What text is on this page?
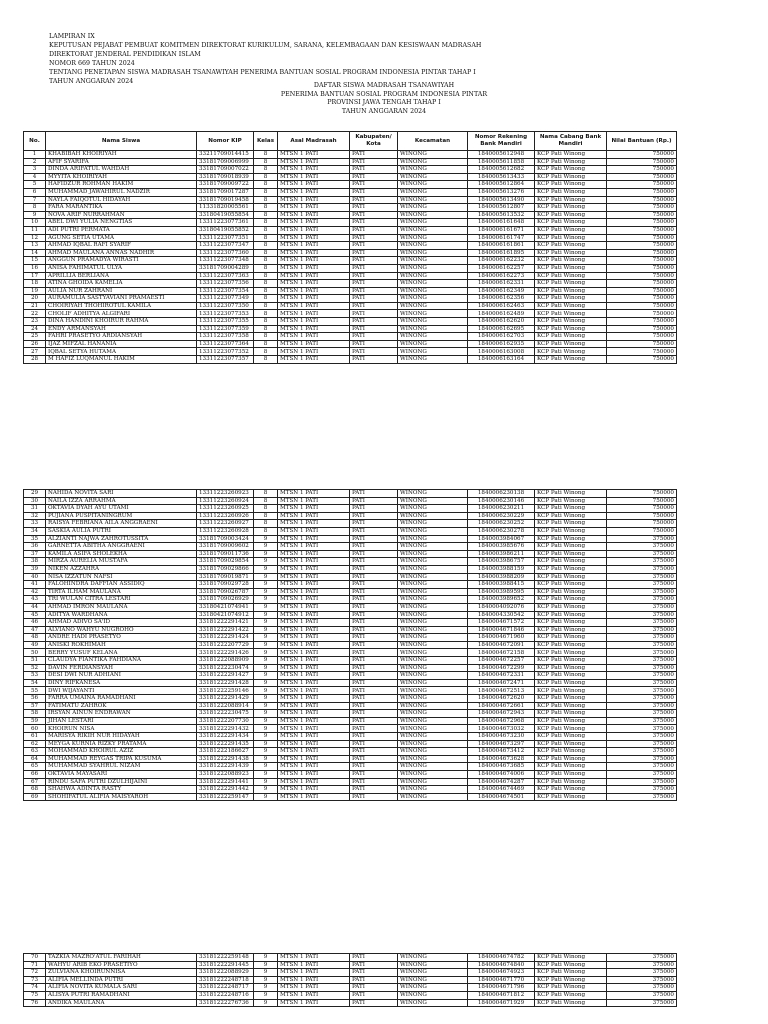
LAMPIRAN IX
KEPUTUSAN PEJABAT PEMBUAT KOMITMEN DIREKTORAT KURIKULUM, SARANA, KELEMBAGAAN DAN KESISWAAN MADRASAH
DIREKTORAT JENDERAL PENDIDIKAN ISLAM
NOMOR 669 TAHUN 2024
TENTANG PENETAPAN SISWA MADRASAH TSANAWIYAH PENERIMA BANTUAN SOSIAL PROGRAM INDONESIA PINTAR TAHAP I
TAHUN ANGGARAN 2024
DAFTAR SISWA MADRASAH TSANAWIYAH
PENERIMA BANTUAN SOSIAL PROGRAM INDONESIA PINTAR
PROVINSI JAWA TENGAH TAHAP I
TAHUN ANGGARAN 2024
No.	Nama Siswa	Nomor KIP	Kelas	Asal Madrasah	Kabupaten/ Kota	Kecamatan	Nomor Rekening Bank Mandiri	Nama Cabang Bank Mandiri	Nilai Bantuan (Rp.)
1	KHABIBAH KHOIRIYAH	3321170901441​5	8	MTSN 1 PATI	PATI	WINONG	1840005612948	KCP Pati Winong	750000
2	AFIF SYARIFA	3318170900699​9	8	MTSN 1 PATI	PATI	WINONG	1840005611858	KCP Pati Winong	750000
3	DINDA ARIFATUL WAHDAH	3318170900702​2	8	MTSN 1 PATI	PATI	WINONG	1840005612682	KCP Pati Winong	750000
4	MYYITA KHOIRIYAH	3318170901893​9	8	MTSN 1 PATI	PATI	WINONG	1840005613433	KCP Pati Winong	750000
5	HAFIDZUR ROHMAN HAKIM	3318170900972​2	8	MTSN 1 PATI	PATI	WINONG	1840005612864	KCP Pati Winong	750000
6	MUHAMMAD JAWAHIRUL NADZIR	3318170901728​7	8	MTSN 1 PATI	PATI	WINONG	1840005613276	KCP Pati Winong	750000
7	NAYLA FAIQOTUL HIDAYAH	3318170901945​8	8	MTSN 1 PATI	PATI	WINONG	1840005613490	KCP Pati Winong	750000
8	FARA MARANTIKA	1133182000556​1	8	MTSN 1 PATI	PATI	WINONG	1840005612807	KCP Pati Winong	750000
9	NOVA ARIF NURRAHMAN	3318041905585​4	8	MTSN 1 PATI	PATI	WINONG	1840005613532	KCP Pati Winong	750000
10	ABEL DWI YULIA NENGTIAS	1331122307736​1	8	MTSN 1 PATI	PATI	WINONG	1840006161648	KCP Pati Winong	750000
11	ADI PUTRI PERMATA	3318041905585​2	8	MTSN 1 PATI	PATI	WINONG	1840006161671	KCP Pati Winong	750000
12	AGUNG SETIA UTAMA	1331122307735​1	8	MTSN 1 PATI	PATI	WINONG	1840006161747	KCP Pati Winong	750000
13	AHMAD IQBAL RAFI SYARIF	1331122307734​7	8	MTSN 1 PATI	PATI	WINONG	1840006161861	KCP Pati Winong	750000
14	AHMAD MAULANA ANNAS NADHIR	1331122307736​0	8	MTSN 1 PATI	PATI	WINONG	1840006161895	KCP Pati Winong	750000
15	ANGGUN PRAMADYA WIRASTI	1331122307734​8	8	MTSN 1 PATI	PATI	WINONG	1840006162232	KCP Pati Winong	750000
16	ANISA FAHIMATUL ULYA	3318170900428​9	8	MTSN 1 PATI	PATI	WINONG	1840006162257	KCP Pati Winong	750000
17	APRILLIA BERLIANA	1331122307736​3	8	MTSN 1 PATI	PATI	WINONG	1840006162273	KCP Pati Winong	750000
18	ATINA GHOIDA KAMELIA	1331122307735​6	8	MTSN 1 PATI	PATI	WINONG	1840006162331	KCP Pati Winong	750000
19	AULIA NUR ZAHRANI	1331122307735​4	8	MTSN 1 PATI	PATI	WINONG	1840006162349	KCP Pati Winong	750000
20	AURAMULIA SASTYAVIANI PRAMAESTI	1331122307734​9	8	MTSN 1 PATI	PATI	WINONG	1840006162356	KCP Pati Winong	750000
21	CHOIRIYAH THOHIROTUL KAMILA	1331122307735​0	8	MTSN 1 PATI	PATI	WINONG	1840006162463	KCP Pati Winong	750000
22	CHOLIF ADHITYA ALGIFARI	1331122307735​3	8	MTSN 1 PATI	PATI	WINONG	1840006162489	KCP Pati Winong	750000
23	DINA HANDINI KHOIRUR RAHMA	1331122307735​5	8	MTSN 1 PATI	PATI	WINONG	1840006162620	KCP Pati Winong	750000
24	ENDY ARMANSYAH	1331122307735​9	8	MTSN 1 PATI	PATI	WINONG	1840006162695	KCP Pati Winong	750000
25	FAHRI PRASETYO ARDIANSYAH	1331122307735​8	8	MTSN 1 PATI	PATI	WINONG	1840006162703	KCP Pati Winong	750000
26	IJAZ MIFZAL HANANIA	1331122307736​4	8	MTSN 1 PATI	PATI	WINONG	1840006162935	KCP Pati Winong	750000
27	IQBAL SETYA HUTAMA	1331122307735​2	8	MTSN 1 PATI	PATI	WINONG	1840006163008	KCP Pati Winong	750000
28	M HAFIZ LUQMANUL HAKIM	1331122307735​7	8	MTSN 1 PATI	PATI	WINONG	1840006163164	KCP Pati Winong	750000
29	NAHIDA NOVITA SARI	1331122326092​3	8	MTSN 1 PATI	PATI	WINONG	1840006230138	KCP Pati Winong	750000
30	NAILA IZZA ARRAHMA	1331122326092​4	8	MTSN 1 PATI	PATI	WINONG	1840006230146	KCP Pati Winong	750000
31	OKTAVIA DYAH AYU UTAMI	1331122326092​5	8	MTSN 1 PATI	PATI	WINONG	1840006230211	KCP Pati Winong	750000
32	PUJIANA PUSPITANINGRUM	1331122326092​6	8	MTSN 1 PATI	PATI	WINONG	1840006230229	KCP Pati Winong	750000
33	RAISYA FEBRIANA AILA ANGGRAENI	1331122326092​7	8	MTSN 1 PATI	PATI	WINONG	1840006230252	KCP Pati Winong	750000
34	SASKIA AULIA PUTRI	1331122326092​8	8	MTSN 1 PATI	PATI	WINONG	1840006230278	KCP Pati Winong	750000
35	ALZIANTI NAJWA ZAHROTUSSITA	3318170900342​4	9	MTSN 1 PATI	PATI	WINONG	1840003984067	KCP Pati Winong	375000
36	GARNETTA ABITHA ANGGRAENI	3318170900960​2	9	MTSN 1 PATI	PATI	WINONG	1840003985676	KCP Pati Winong	375000
37	KAMILA ASIFA SHOLEKHA	3318170901173​6	9	MTSN 1 PATI	PATI	WINONG	1840003986211	KCP Pati Winong	375000
38	MIRZA AURELIA MUSTAFA	3318170902985​4	9	MTSN 1 PATI	PATI	WINONG	1840003986757	KCP Pati Winong	375000
39	NIKEN AZZAHRA	3318170902986​6	9	MTSN 1 PATI	PATI	WINONG	1840003988159	KCP Pati Winong	375000
40	NISA IZZATUN NAFSI	3318170901987​1	9	MTSN 1 PATI	PATI	WINONG	1840003988209	KCP Pati Winong	375000
41	FALOHINDRA DAFFIAN ASSIDIQ	3318170902972​8	9	MTSN 1 PATI	PATI	WINONG	1840003988415	KCP Pati Winong	375000
42	TIRTA ILHAM MAULANA	3318170902678​7	9	MTSN 1 PATI	PATI	WINONG	1840003989595	KCP Pati Winong	375000
43	TRI WULAN CITRA LESTARI	3318170902692​9	9	MTSN 1 PATI	PATI	WINONG	1840003989652	KCP Pati Winong	375000
44	AHMAD IMRON MAULANA	3318042107494​1	9	MTSN 1 PATI	PATI	WINONG	1840004092076	KCP Pati Winong	375000
45	ADITYA WARDHANA	3318042107491​2	9	MTSN 1 PATI	PATI	WINONG	1840004330542	KCP Pati Winong	375000
46	AHMAD ADIVO SA'ID	3318122229142​1	9	MTSN 1 PATI	PATI	WINONG	1840004671572	KCP Pati Winong	375000
47	ALVIANO WAHYU NUGROHO	3318122229142​2	9	MTSN 1 PATI	PATI	WINONG	1840004671846	KCP Pati Winong	375000
48	ANDRE HADI PRASETYO	3318122229142​4	9	MTSN 1 PATI	PATI	WINONG	1840004671960	KCP Pati Winong	375000
49	ANISKI ROKHIMAH	3318122220772​9	9	MTSN 1 PATI	PATI	WINONG	1840004672091	KCP Pati Winong	375000
50	BERRY YUSUF KELANA	3318122229142​6	9	MTSN 1 PATI	PATI	WINONG	1840004672158	KCP Pati Winong	375000
51	CLAUDYA FIANTIKA FAHDIANA	3318122208890​9	9	MTSN 1 PATI	PATI	WINONG	1840004672257	KCP Pati Winong	375000
52	DAVIN FERDIANSYAH	3318122223047​4	9	MTSN 1 PATI	PATI	WINONG	1840004672299	KCP Pati Winong	375000
53	DESI DWI NUR ADHIANI	3318122229142​7	9	MTSN 1 PATI	PATI	WINONG	1840004672331	KCP Pati Winong	375000
54	DINY RIFKANESA	3318122229142​8	9	MTSN 1 PATI	PATI	WINONG	1840004672471	KCP Pati Winong	375000
55	DWI WIJAYANTI	3318122225914​6	9	MTSN 1 PATI	PATI	WINONG	1840004672513	KCP Pati Winong	375000
56	FARRA UMAINA RAMADHANI	3318122229142​9	9	MTSN 1 PATI	PATI	WINONG	1840004672620	KCP Pati Winong	375000
57	FATIMATU ZAHROK	3318122208891​4	9	MTSN 1 PATI	PATI	WINONG	1840004672661	KCP Pati Winong	375000
58	IRSYAN AINUN ENDRAWAN	3318122223047​5	9	MTSN 1 PATI	PATI	WINONG	1840004672943	KCP Pati Winong	375000
59	JIHAN LESTARI	3318122220773​0	9	MTSN 1 PATI	PATI	WINONG	1840004672968	KCP Pati Winong	375000
60	KHOIRUN NISA	3318122229143​2	9	MTSN 1 PATI	PATI	WINONG	1840004673032	KCP Pati Winong	375000
61	MARISYA RIKIH NUR HIDAYAH	3318122229143​4	9	MTSN 1 PATI	PATI	WINONG	1840004673230	KCP Pati Winong	375000
62	MEYGA KURNIA RIZKY PRATAMA	3318122229143​5	9	MTSN 1 PATI	PATI	WINONG	1840004673297	KCP Pati Winong	375000
63	MOHAMMAD KHOIRUL AZIZ	3318122218662​7	9	MTSN 1 PATI	PATI	WINONG	1840004673412	KCP Pati Winong	375000
64	MUHAMMAD REYGAS TRIPA KUSUMA	3318122229143​8	9	MTSN 1 PATI	PATI	WINONG	1840004673628	KCP Pati Winong	375000
65	MUHAMMAD SYAHRUL NIZAM	3318122229143​9	9	MTSN 1 PATI	PATI	WINONG	1840004673685	KCP Pati Winong	375000
66	OKTAVIA MAYASARI	3318122208892​3	9	MTSN 1 PATI	PATI	WINONG	1840004674006	KCP Pati Winong	375000
67	RINDU SAFA PUTRI DZULHIJAINI	3318122229144​1	9	MTSN 1 PATI	PATI	WINONG	1840004674287	KCP Pati Winong	375000
68	SHAHWA ADINTA RASTY	3318122229144​2	9	MTSN 1 PATI	PATI	WINONG	1840004674469	KCP Pati Winong	375000
69	SHOHIFATUL ALIFIA MAISYAROH	3318122225914​7	9	MTSN 1 PATI	PATI	WINONG	1840004674501	KCP Pati Winong	375000
70	TAZKIA MAZRO'ATUL FARIHAH	3318122225914​8	9	MTSN 1 PATI	PATI	WINONG	1840004674782	KCP Pati Winong	375000
71	WAHYU ARIB EKO PRASETIYO	3318122229144​5	9	MTSN 1 PATI	PATI	WINONG	1840004674840	KCP Pati Winong	375000
72	ZULVIANA KHOIRUNNISA	3318122208892​9	9	MTSN 1 PATI	PATI	WINONG	1840004674923	KCP Pati Winong	375000
73	ALIFIA MELLINDA PUTRI	3318122224871​8	9	MTSN 1 PATI	PATI	WINONG	1840004671770	KCP Pati Winong	375000
74	ALIFIA NOVITA KUMALA SARI	3318122224871​7	9	MTSN 1 PATI	PATI	WINONG	1840004671796	KCP Pati Winong	375000
75	ALISYA PUTRI RAMADHANI	3318122224871​6	9	MTSN 1 PATI	PATI	WINONG	1840004671812	KCP Pati Winong	375000
76	ANDIKA MAULANA	3318122227673​6	9	MTSN 1 PATI	PATI	WINONG	1840004671929	KCP Pati Winong	375000
